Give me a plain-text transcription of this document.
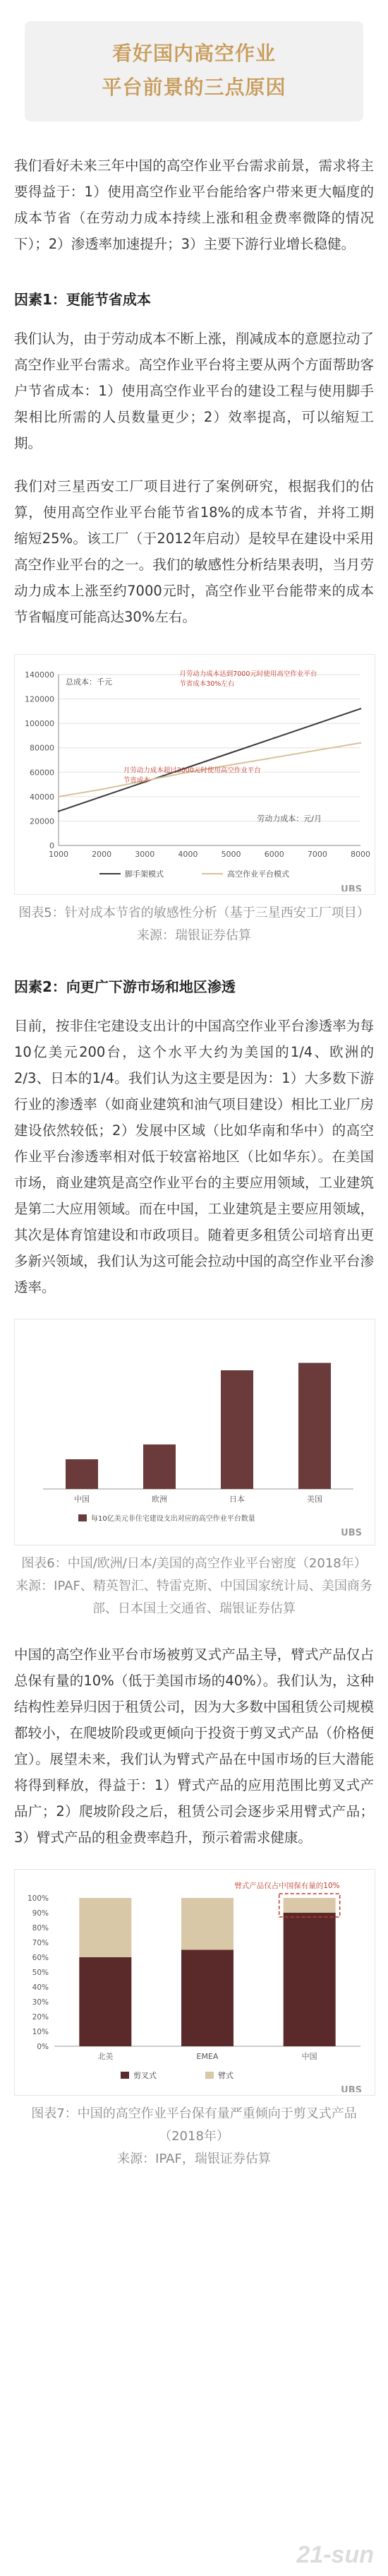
看好国内高空作业
平台前景的三点原因

我们看好未来三年中国的高空作业平台需求前景，需求将主要得益于：1）使用高空作业平台能给客户带来更大幅度的成本节省（在劳动力成本持续上涨和租金费率微降的情况下）；2）渗透率加速提升；3）主要下游行业增长稳健。

因素1：更能节省成本

我们认为，由于劳动成本不断上涨，削减成本的意愿拉动了高空作业平台需求。高空作业平台将主要从两个方面帮助客户节省成本：1）使用高空作业平台的建设工程与使用脚手架相比所需的人员数量更少；2）效率提高，可以缩短工期。

我们对三星西安工厂项目进行了案例研究，根据我们的估算，使用高空作业平台能节省18%的成本节省，并将工期缩短25%。该工厂（于2012年启动）是较早在建设中采用高空作业平台的之一。我们的敏感性分析结果表明，当月劳动力成本上涨至约7000元时，高空作业平台能带来的成本节省幅度可能高达30%左右。

0
20000
40000
60000
80000
100000
120000
140000
1000	2000	3000	4000	5000	6000	7000	8000
总成本：千元
劳动力成本：元/月
月劳动力成本达到7000元时使用高空作业平台
节省成本30%左右
月劳动力成本超过3000元时使用高空作业平台
节省成本
脚手架模式	高空作业平台模式
UBS
图表5：针对成本节省的敏感性分析（基于三星西安工厂项目）
来源：瑞银证券估算
因素2：向更广下游市场和地区渗透

目前，按非住宅建设支出计的中国高空作业平台渗透率为每10亿美元200台，这个水平大约为美国的1/4、欧洲的2/3、日本的1/4。我们认为这主要是因为：1）大多数下游行业的渗透率（如商业建筑和油气项目建设）相比工业厂房建设依然较低；2）发展中区域（比如华南和华中）的高空作业平台渗透率相对低于较富裕地区（比如华东）。在美国市场，商业建筑是高空作业平台的主要应用领域，工业建筑是第二大应用领域。而在中国，工业建筑是主要应用领域，其次是体育馆建设和市政项目。随着更多租赁公司培育出更多新兴领域，我们认为这可能会拉动中国的高空作业平台渗透率。

中国	欧洲	日本	美国
每10亿美元非住宅建设支出对应的高空作业平台数量
UBS
图表6：中国/欧洲/日本/美国的高空作业平台密度（2018年）
来源：IPAF、精英智汇、特雷克斯、中国国家统计局、美国商务部、日本国土交通省、瑞银证券估算

中国的高空作业平台市场被剪叉式产品主导，臂式产品仅占总保有量的10%（低于美国市场的40%）。我们认为，这种结构性差异归因于租赁公司，因为大多数中国租赁公司规模都较小，在爬坡阶段或更倾向于投资于剪叉式产品（价格便宜）。展望未来，我们认为臂式产品在中国市场的巨大潜能将得到释放，得益于：1）臂式产品的应用范围比剪叉式产品广；2）爬坡阶段之后，租赁公司会逐步采用臂式产品；3）臂式产品的租金费率趋升，预示着需求健康。

0%
10%
20%
30%
40%
50%
60%
70%
80%
90%
100%
北美	EMEA	中国
臂式产品仅占中国保有量的10%
剪叉式	臂式
UBS
图表7：中国的高空作业平台保有量严重倾向于剪叉式产品（2018年）
来源：IPAF，瑞银证券估算
21-sun
